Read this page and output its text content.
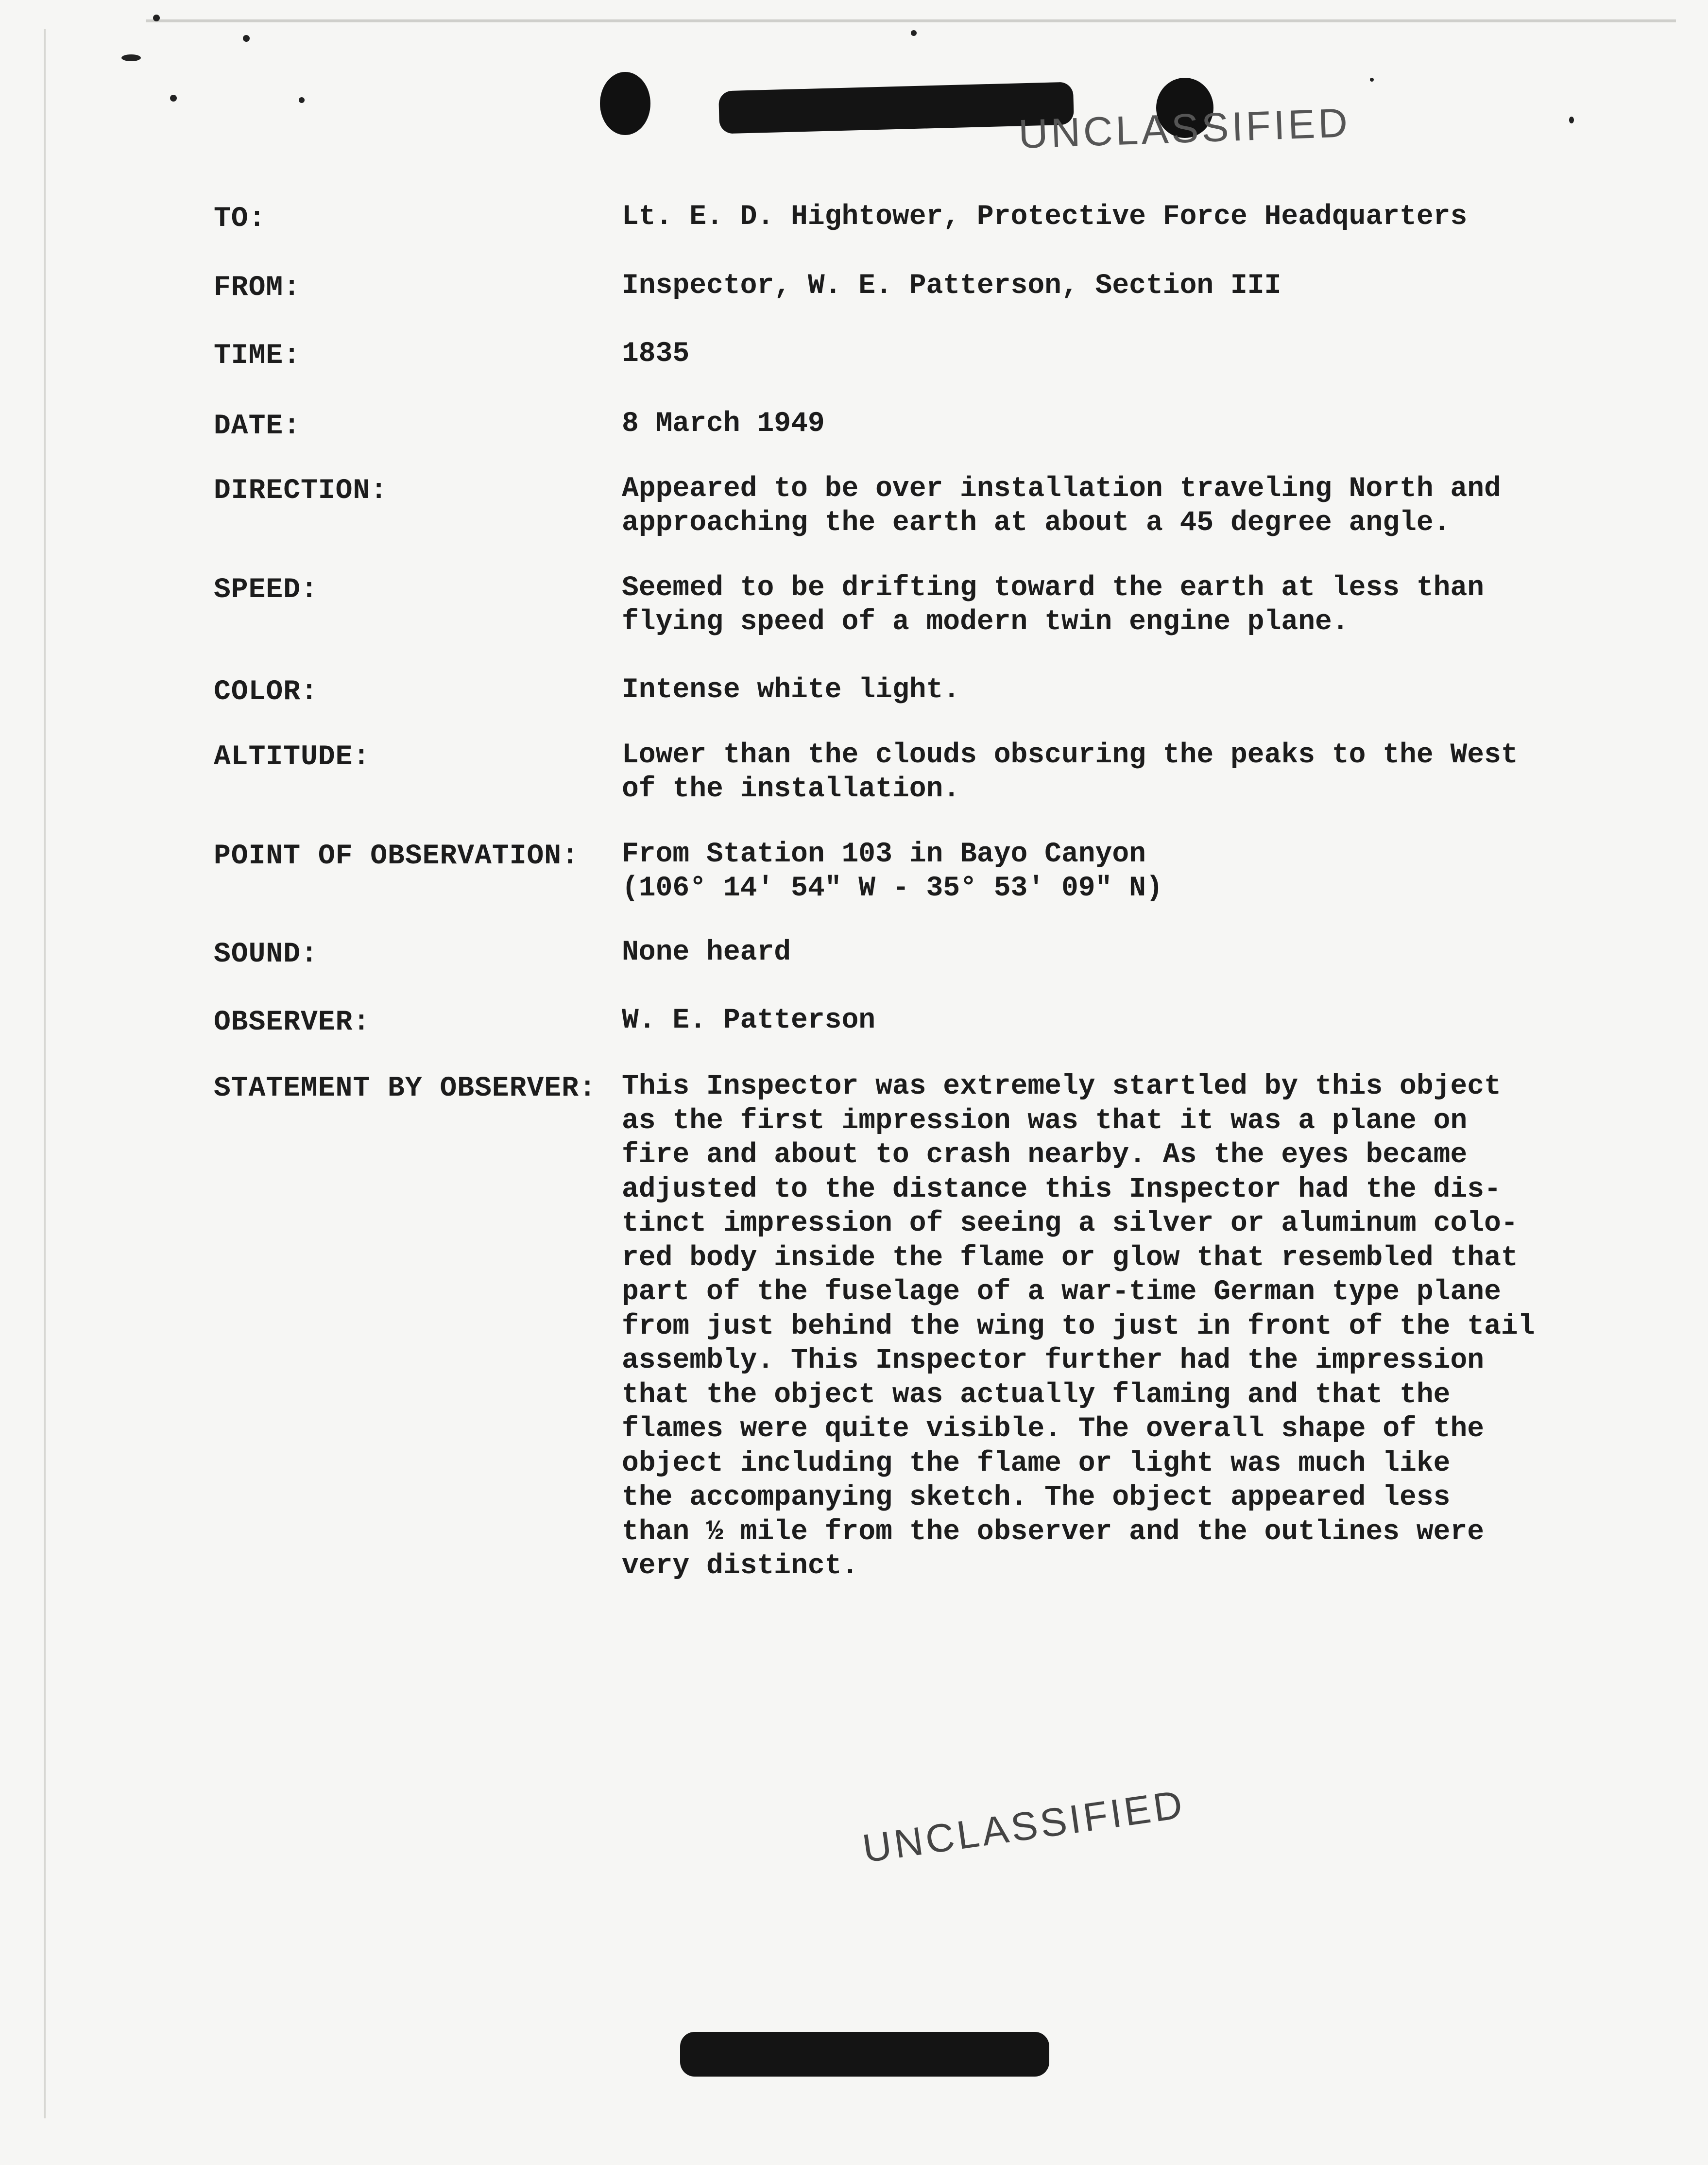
UNCLASSIFIED
TO:	Lt. E. D. Hightower, Protective Force Headquarters
FROM:	Inspector, W. E. Patterson, Section III
TIME:	1835
DATE:	8 March 1949
DIRECTION:	Appeared to be over installation traveling North and
approaching the earth at about a 45 degree angle.
SPEED:	Seemed to be drifting toward the earth at less than
flying speed of a modern twin engine plane.
COLOR:	Intense white light.
ALTITUDE:	Lower than the clouds obscuring the peaks to the West
of the installation.
POINT OF OBSERVATION: From Station 103 in Bayo Canyon
(106° 14' 54" W - 35° 53' 09" N)
SOUND:	None heard
OBSERVER:	W. E. Patterson
STATEMENT BY OBSERVER: This Inspector was extremely startled by this object
as the first impression was that it was a plane on
fire and about to crash nearby. As the eyes became
adjusted to the distance this Inspector had the dis-
tinct impression of seeing a silver or aluminum colo-
red body inside the flame or glow that resembled that
part of the fuselage of a war-time German type plane
from just behind the wing to just in front of the tail
assembly. This Inspector further had the impression
that the object was actually flaming and that the
flames were quite visible. The overall shape of the
object including the flame or light was much like
the accompanying sketch. The object appeared less
than ½ mile from the observer and the outlines were
very distinct.
UNCLASSIFIED
